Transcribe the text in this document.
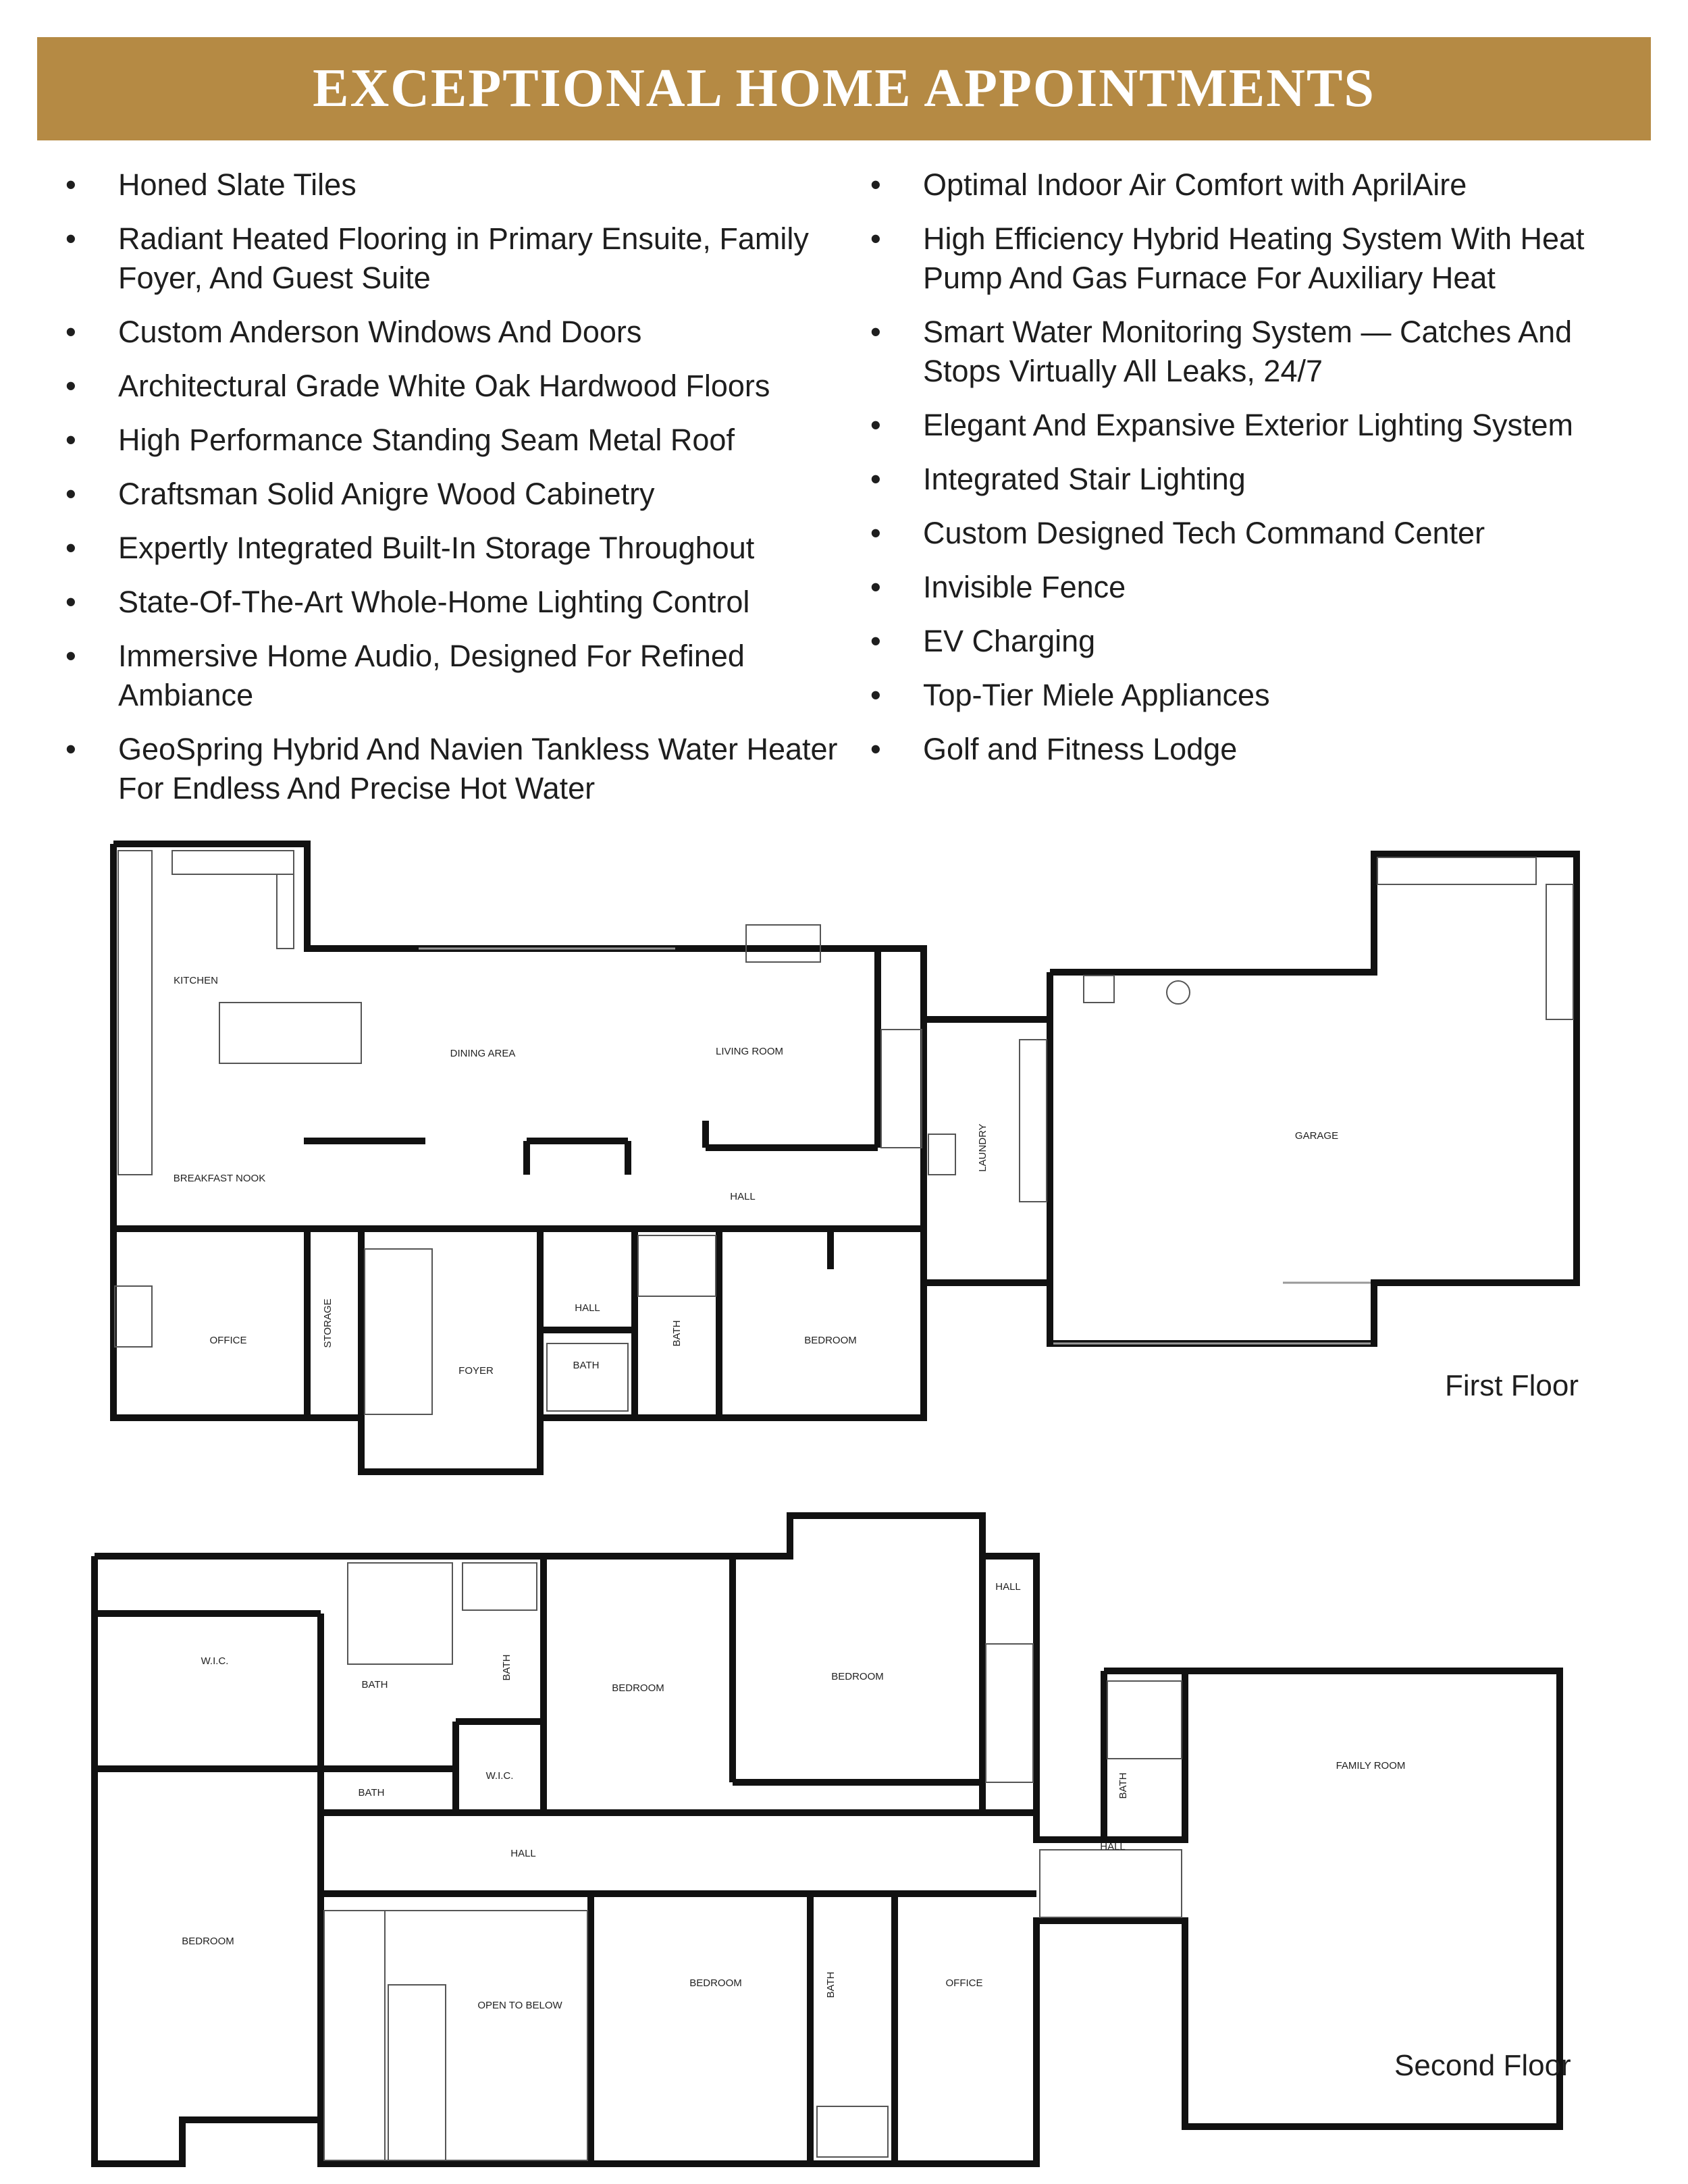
EXCEPTIONAL HOME APPOINTMENTS
• Honed Slate Tiles
• Radiant Heated Flooring in Primary Ensuite, Family Foyer, And Guest Suite
• Custom Anderson Windows And Doors
• Architectural Grade White Oak Hardwood Floors
• High Performance Standing Seam Metal Roof
• Craftsman Solid Anigre Wood Cabinetry
• Expertly Integrated Built-In Storage Throughout
• State-Of-The-Art Whole-Home Lighting Control
• Immersive Home Audio, Designed For Refined Ambiance
• GeoSpring Hybrid And Navien Tankless Water Heater For Endless And Precise Hot Water
• Optimal Indoor Air Comfort with AprilAire
• High Efficiency Hybrid Heating System With Heat Pump And Gas Furnace For Auxiliary Heat
• Smart Water Monitoring System — Catches And Stops Virtually All Leaks, 24/7
• Elegant And Expansive Exterior Lighting System
• Integrated Stair Lighting
• Custom Designed Tech Command Center
• Invisible Fence
• EV Charging
• Top-Tier Miele Appliances
• Golf and Fitness Lodge
KITCHEN
DINING AREA	LIVING ROOM
BREAKFAST NOOK
HALL
LAUNDRY	GARAGE
OFFICE	STORAGE
FOYER
HALL
BATH
BATH	BEDROOM
First Floor
W.I.C.
BATH
BATH
BEDROOM
BEDROOM
HALL
BATH
W.I.C.
HALL
BEDROOM
OPEN TO BELOW
BEDROOM	BATH	OFFICE
BATH
HALL
FAMILY ROOM
Second Floor
